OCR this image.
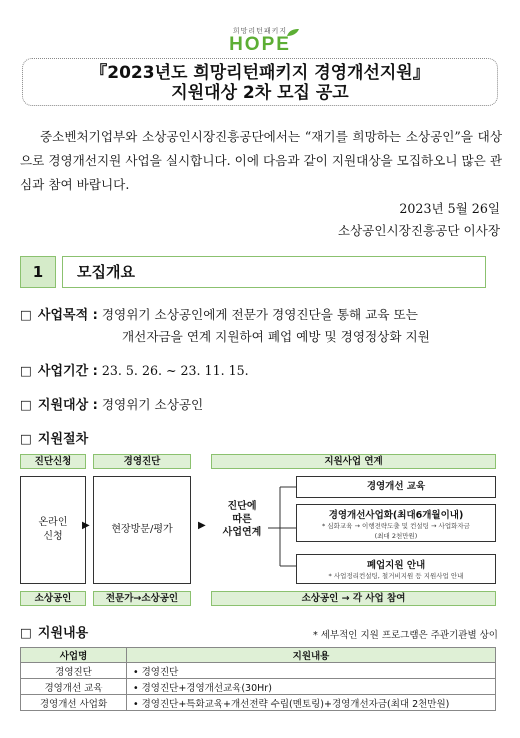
희망리턴패키지
HOPE
『2023년도 희망리턴패키지 경영개선지원』
지원대상 2차 모집 공고
중소벤처기업부와 소상공인시장진흥공단에서는 “재기를 희망하는 소상공인”을 대상으로 경영개선지원 사업을 실시합니다. 이에 다음과 같이 지원대상을 모집하오니 많은 관심과 참여 바랍니다.
2023년 5월 26일
소상공인시장진흥공단 이사장
1	모집개요
□ 사업목적 : 경영위기 소상공인에게 전문가 경영진단을 통해 교육 또는
개선자금을 연계 지원하여 폐업 예방 및 경영정상화 지원
□ 사업기간 : 23. 5. 26. ~ 23. 11. 15.
□ 지원대상 : 경영위기 소상공인
□ 지원절차
진단신청	경영진단	지원사업 연계
온라인
신청
▶	현장방문/평가	▶
진단에
따른
사업연계
경영개선 교육
경영개선사업화(최대6개월이내)
* 심화교육 → 이행전략도출 및 컨설팅 → 사업화자금
(최대 2천만원)
폐업지원 안내
* 사업정리컨설팅, 철거비지원 등 지원사업 안내
소상공인	전문가→소상공인	소상공인 → 각 사업 참여
□ 지원내용	* 세부적인 지원 프로그램은 주관기관별 상이
사업명	지원내용
경영진단	• 경영진단
경영개선 교육	• 경영진단+경영개선교육(30Hr)
경영개선 사업화	• 경영진단+특화교육+개선전략 수립(멘토링)+경영개선자금(최대 2천만원)
